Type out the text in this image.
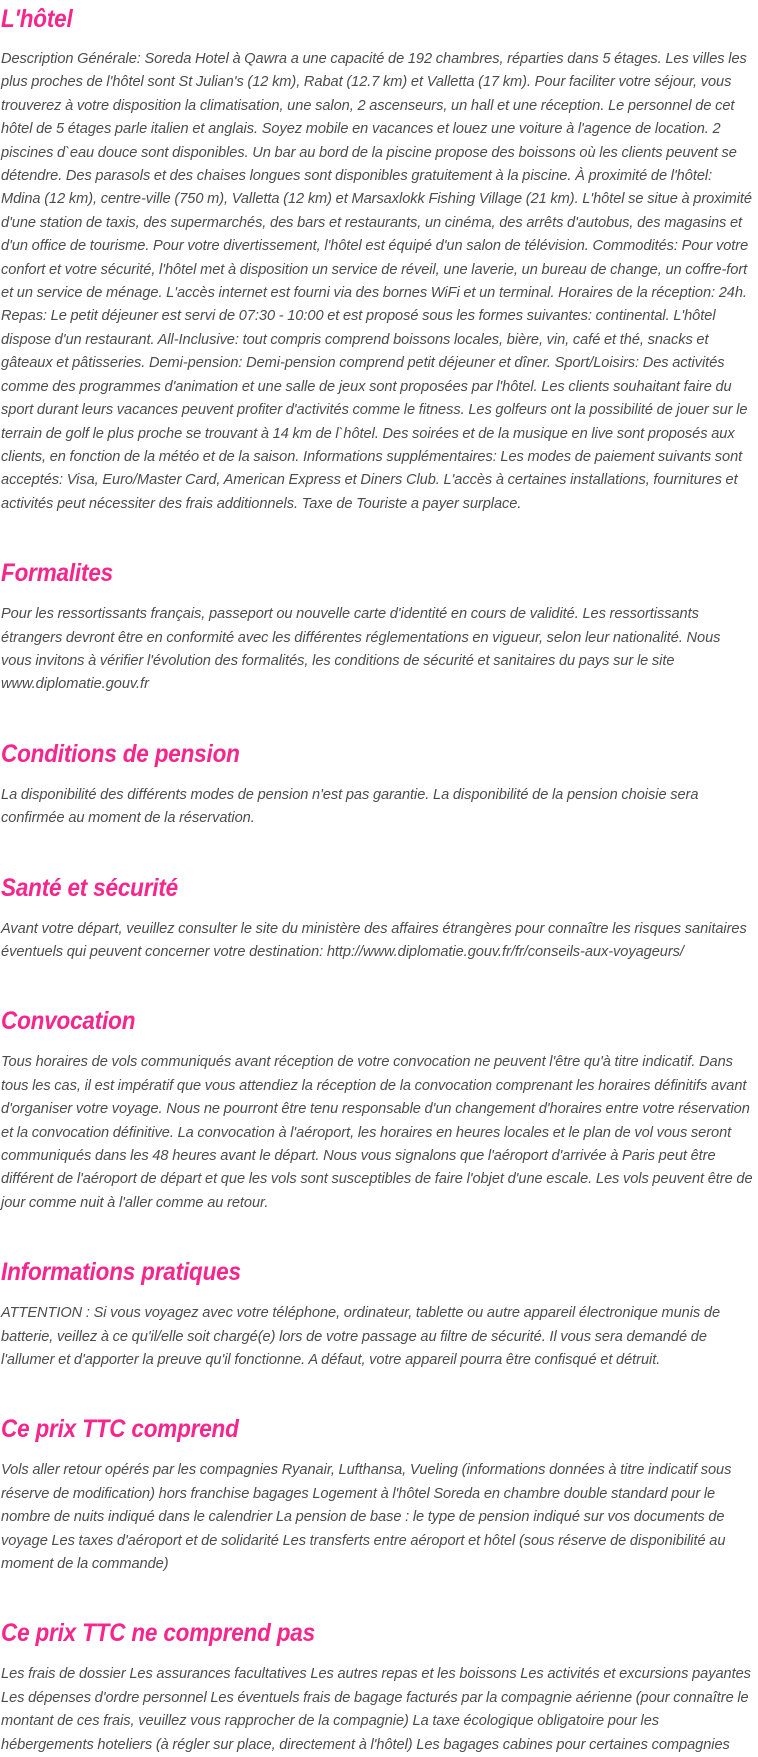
L'hôtel

Description Générale: Soreda Hotel à Qawra a une capacité de 192 chambres, réparties dans 5 étages. Les villes les plus proches de l'hôtel sont St Julian's (12 km), Rabat (12.7 km) et Valletta (17 km). Pour faciliter votre séjour, vous trouverez à votre disposition la climatisation, une salon, 2 ascenseurs, un hall et une réception. Le personnel de cet hôtel de 5 étages parle italien et anglais. Soyez mobile en vacances et louez une voiture à l'agence de location. 2 piscines d`eau douce sont disponibles. Un bar au bord de la piscine propose des boissons où les clients peuvent se détendre. Des parasols et des chaises longues sont disponibles gratuitement à la piscine. À proximité de l'hôtel: Mdina (12 km), centre-ville (750 m), Valletta (12 km) et Marsaxlokk Fishing Village (21 km). L'hôtel se situe à proximité d'une station de taxis, des supermarchés, des bars et restaurants, un cinéma, des arrêts d'autobus, des magasins et d'un office de tourisme. Pour votre divertissement, l'hôtel est équipé d'un salon de télévision. Commodités: Pour votre confort et votre sécurité, l'hôtel met à disposition un service de réveil, une laverie, un bureau de change, un coffre-fort et un service de ménage. L'accès internet est fourni via des bornes WiFi et un terminal. Horaires de la réception: 24h. Repas: Le petit déjeuner est servi de 07:30 - 10:00 et est proposé sous les formes suivantes: continental. L'hôtel dispose d'un restaurant. All-Inclusive: tout compris comprend boissons locales, bière, vin, café et thé, snacks et gâteaux et pâtisseries. Demi-pension: Demi-pension comprend petit déjeuner et dîner. Sport/Loisirs: Des activités comme des programmes d'animation et une salle de jeux sont proposées par l'hôtel. Les clients souhaitant faire du sport durant leurs vacances peuvent profiter d'activités comme le fitness. Les golfeurs ont la possibilité de jouer sur le terrain de golf le plus proche se trouvant à 14 km de l`hôtel. Des soirées et de la musique en live sont proposés aux clients, en fonction de la météo et de la saison. Informations supplémentaires: Les modes de paiement suivants sont acceptés: Visa, Euro/Master Card, American Express et Diners Club. L'accès à certaines installations, fournitures et activités peut nécessiter des frais additionnels. Taxe de Touriste a payer surplace.

Formalites

Pour les ressortissants français, passeport ou nouvelle carte d'identité en cours de validité. Les ressortissants étrangers devront être en conformité avec les différentes réglementations en vigueur, selon leur nationalité. Nous vous invitons à vérifier l'évolution des formalités, les conditions de sécurité et sanitaires du pays sur le site www.diplomatie.gouv.fr

Conditions de pension

La disponibilité des différents modes de pension n'est pas garantie. La disponibilité de la pension choisie sera confirmée au moment de la réservation.

Santé et sécurité

Avant votre départ, veuillez consulter le site du ministère des affaires étrangères pour connaître les risques sanitaires éventuels qui peuvent concerner votre destination: http://www.diplomatie.gouv.fr/fr/conseils-aux-voyageurs/

Convocation

Tous horaires de vols communiqués avant réception de votre convocation ne peuvent l'être qu'à titre indicatif. Dans tous les cas, il est impératif que vous attendiez la réception de la convocation comprenant les horaires définitifs avant d'organiser votre voyage. Nous ne pourront être tenu responsable d'un changement d'horaires entre votre réservation et la convocation définitive. La convocation à l'aéroport, les horaires en heures locales et le plan de vol vous seront communiqués dans les 48 heures avant le départ. Nous vous signalons que l'aéroport d'arrivée à Paris peut être différent de l'aéroport de départ et que les vols sont susceptibles de faire l'objet d'une escale. Les vols peuvent être de jour comme nuit à l'aller comme au retour.

Informations pratiques

ATTENTION : Si vous voyagez avec votre téléphone, ordinateur, tablette ou autre appareil électronique munis de batterie, veillez à ce qu'il/elle soit chargé(e) lors de votre passage au filtre de sécurité. Il vous sera demandé de l'allumer et d'apporter la preuve qu'il fonctionne. A défaut, votre appareil pourra être confisqué et détruit.

Ce prix TTC comprend

Vols aller retour opérés par les compagnies Ryanair, Lufthansa, Vueling (informations données à titre indicatif sous réserve de modification) hors franchise bagages Logement à l'hôtel Soreda en chambre double standard pour le nombre de nuits indiqué dans le calendrier La pension de base : le type de pension indiqué sur vos documents de voyage Les taxes d'aéroport et de solidarité Les transferts entre aéroport et hôtel (sous réserve de disponibilité au moment de la commande)

Ce prix TTC ne comprend pas

Les frais de dossier Les assurances facultatives Les autres repas et les boissons Les activités et excursions payantes Les dépenses d'ordre personnel Les éventuels frais de bagage facturés par la compagnie aérienne (pour connaître le montant de ces frais, veuillez vous rapprocher de la compagnie) La taxe écologique obligatoire pour les hébergements hoteliers (à régler sur place, directement à l'hôtel) Les bagages cabines pour certaines compagnies
